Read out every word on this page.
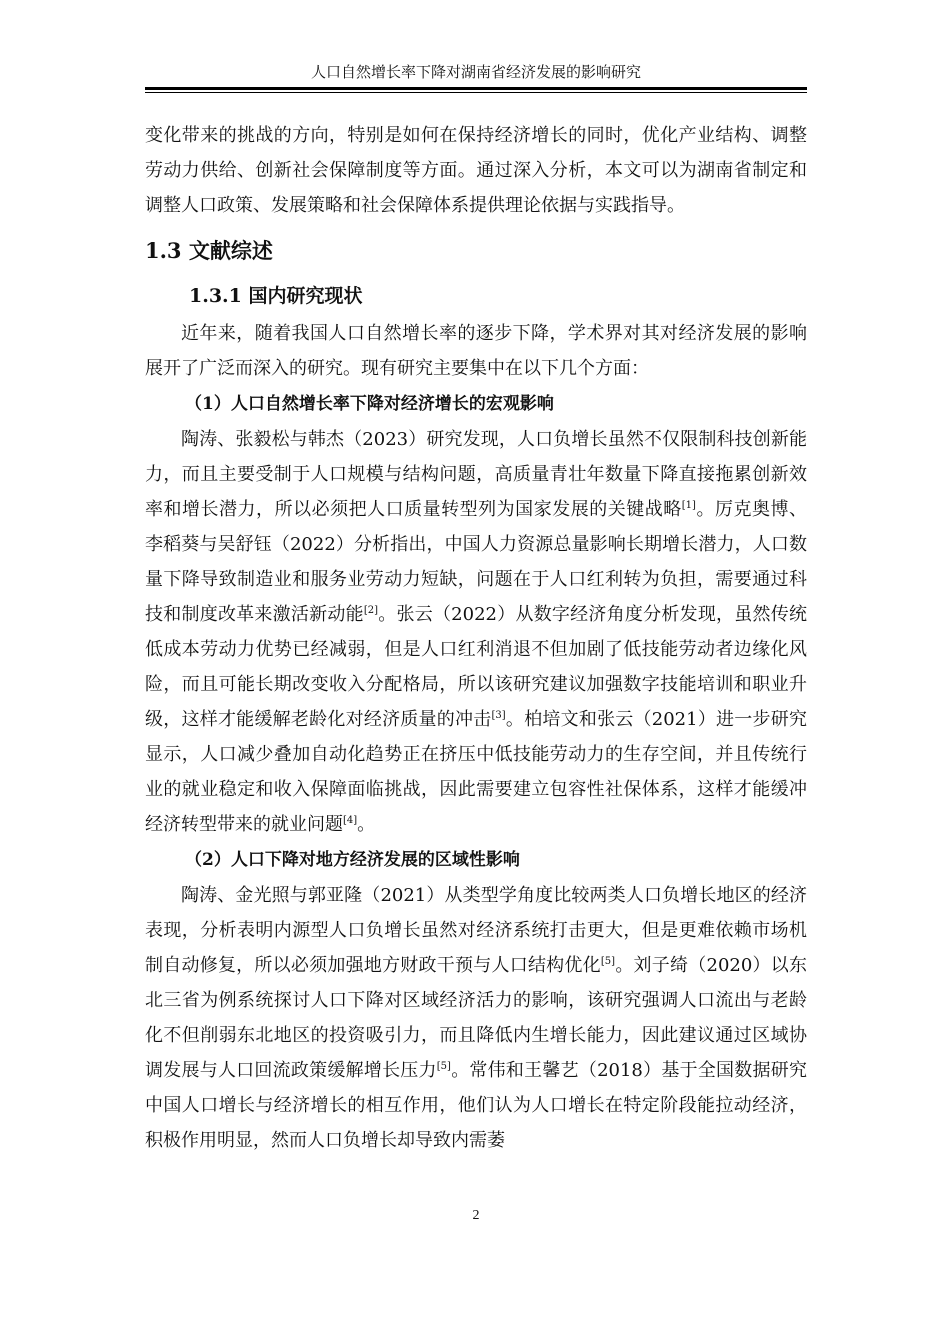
人口自然增长率下降对湖南省经济发展的影响研究

变化带来的挑战的方向，特别是如何在保持经济增长的同时，优化产业结构、调整劳动力供给、创新社会保障制度等方面。通过深入分析，本文可以为湖南省制定和调整人口政策、发展策略和社会保障体系提供理论依据与实践指导。

1.3 文献综述

1.3.1 国内研究现状

近年来，随着我国人口自然增长率的逐步下降，学术界对其对经济发展的影响展开了广泛而深入的研究。现有研究主要集中在以下几个方面：

（1）人口自然增长率下降对经济增长的宏观影响

陶涛、张毅松与韩杰（2023）研究发现，人口负增长虽然不仅限制科技创新能力，而且主要受制于人口规模与结构问题，高质量青壮年数量下降直接拖累创新效率和增长潜力，所以必须把人口质量转型列为国家发展的关键战略[1]。厉克奥博、李稻葵与吴舒钰（2022）分析指出，中国人力资源总量影响长期增长潜力，人口数量下降导致制造业和服务业劳动力短缺，问题在于人口红利转为负担，需要通过科技和制度改革来激活新动能[2]。张云（2022）从数字经济角度分析发现，虽然传统低成本劳动力优势已经减弱，但是人口红利消退不但加剧了低技能劳动者边缘化风险，而且可能长期改变收入分配格局，所以该研究建议加强数字技能培训和职业升级，这样才能缓解老龄化对经济质量的冲击[3]。柏培文和张云（2021）进一步研究显示，人口减少叠加自动化趋势正在挤压中低技能劳动力的生存空间，并且传统行业的就业稳定和收入保障面临挑战，因此需要建立包容性社保体系，这样才能缓冲经济转型带来的就业问题[4]。

（2）人口下降对地方经济发展的区域性影响

陶涛、金光照与郭亚隆（2021）从类型学角度比较两类人口负增长地区的经济表现，分析表明内源型人口负增长虽然对经济系统打击更大，但是更难依赖市场机制自动修复，所以必须加强地方财政干预与人口结构优化[5]。刘子绮（2020）以东北三省为例系统探讨人口下降对区域经济活力的影响，该研究强调人口流出与老龄化不但削弱东北地区的投资吸引力，而且降低内生增长能力，因此建议通过区域协调发展与人口回流政策缓解增长压力[5]。常伟和王馨艺（2018）基于全国数据研究中国人口增长与经济增长的相互作用，他们认为人口增长在特定阶段能拉动经济，积极作用明显，然而人口负增长却导致内需萎

2
